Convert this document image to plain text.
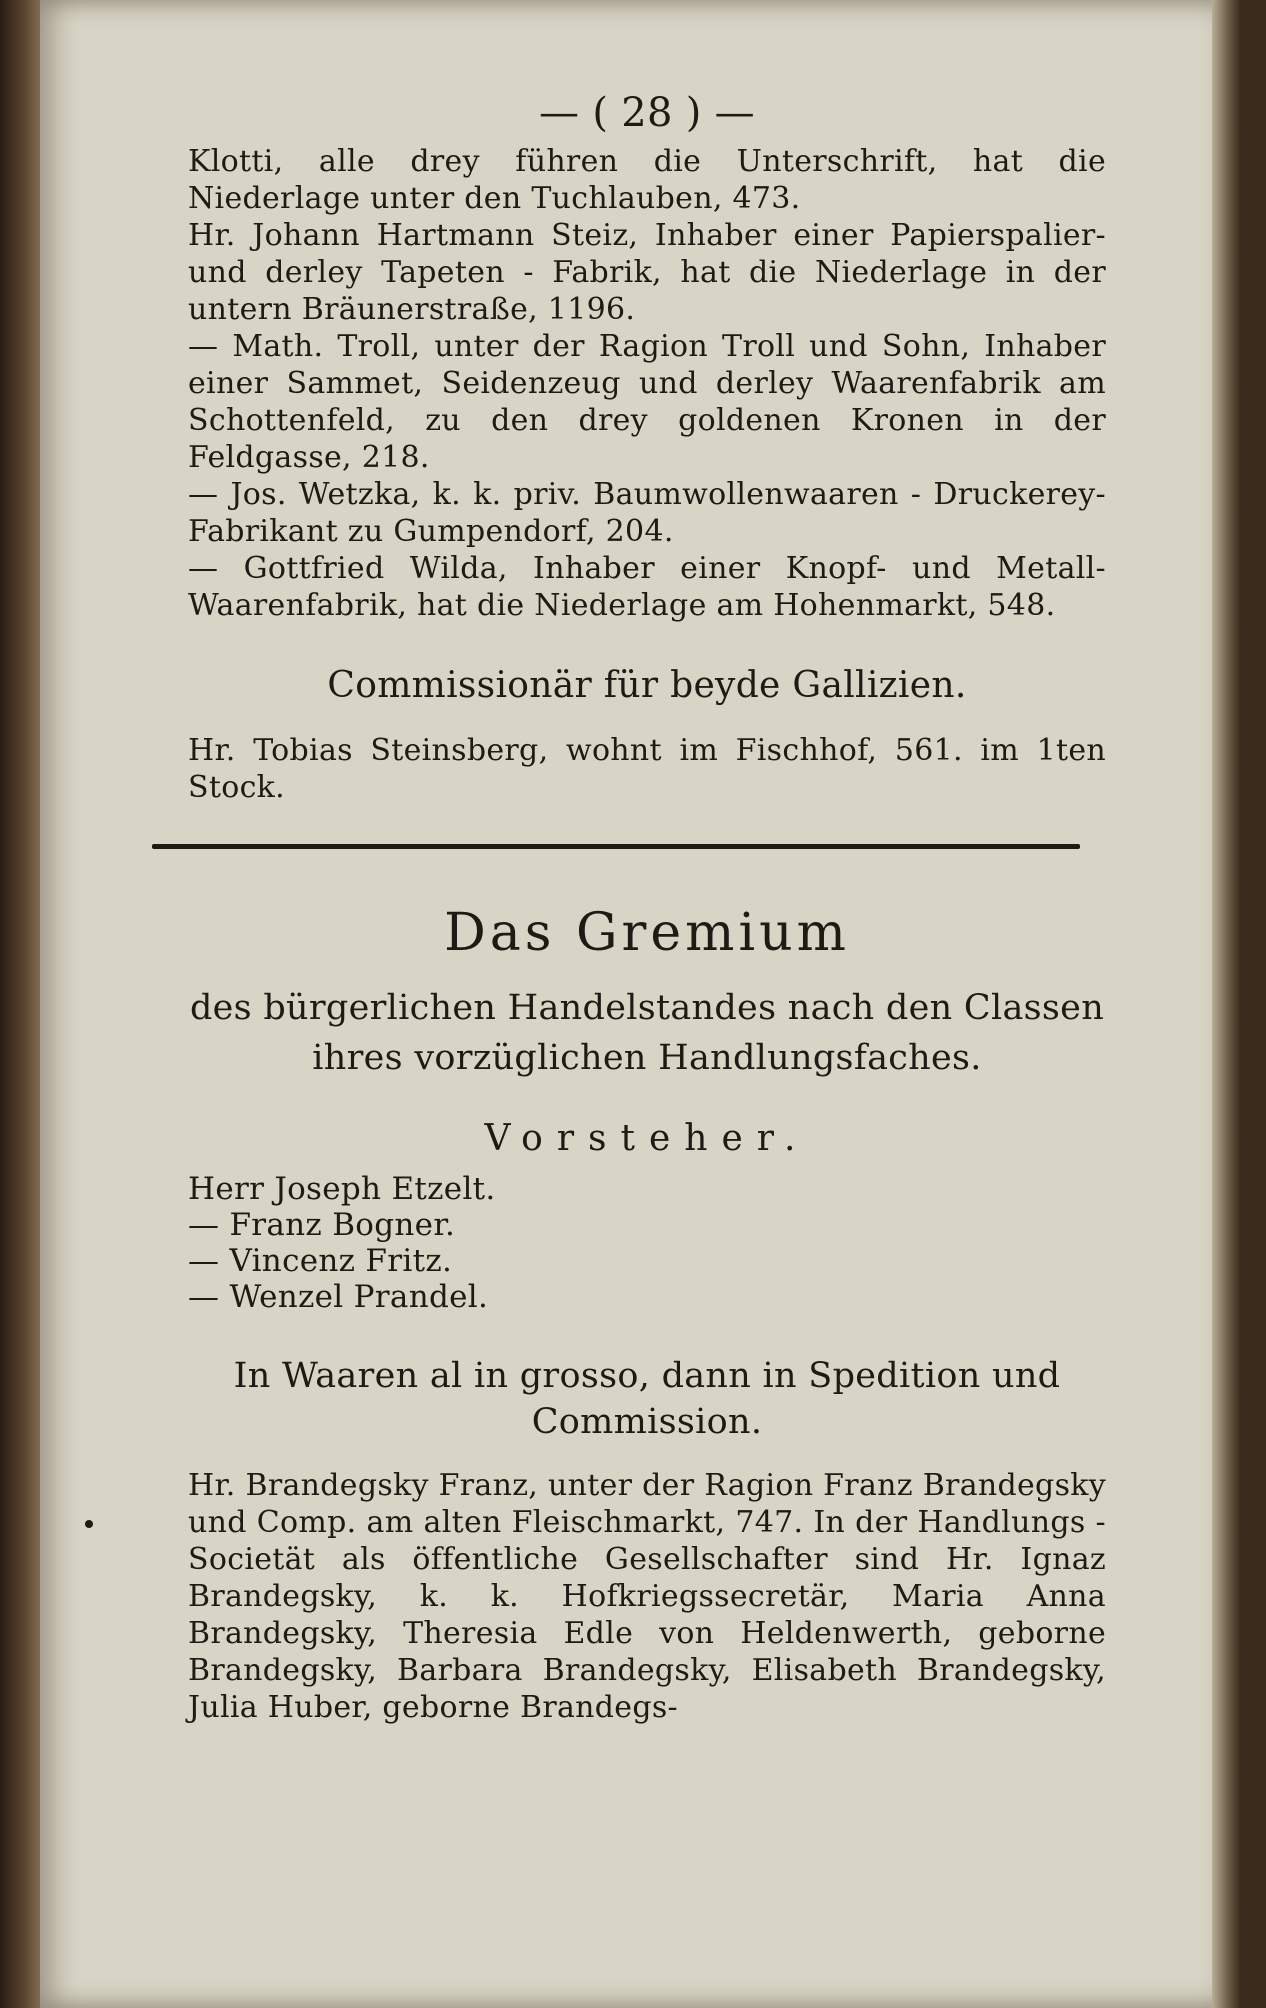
— ( 28 ) —

Klotti, alle drey führen die Unterschrift, hat die Niederlage unter den Tuchlauben, 473.

Hr. Johann Hartmann Steiz, Inhaber einer Papierspalier- und derley Tapeten - Fabrik, hat die Niederlage in der untern Bräunerstraße, 1196.

— Math. Troll, unter der Ragion Troll und Sohn, Inhaber einer Sammet, Seidenzeug und derley Waarenfabrik am Schottenfeld, zu den drey goldenen Kronen in der Feldgasse, 218.

— Jos. Wetzka, k. k. priv. Baumwollenwaaren - Druckerey-Fabrikant zu Gumpendorf, 204.

— Gottfried Wilda, Inhaber einer Knopf- und Metall-Waarenfabrik, hat die Niederlage am Hohenmarkt, 548.

Commissionär für beyde Gallizien.

Hr. Tobias Steinsberg, wohnt im Fischhof, 561. im 1ten Stock.

Das Gremium
des bürgerlichen Handelstandes nach den Classen
ihres vorzüglichen Handlungsfaches.
Vorsteher.
Herr Joseph Etzelt.
— Franz Bogner.
— Vincenz Fritz.
— Wenzel Prandel.
In Waaren al in grosso, dann in Spedition und
Commission.

Hr. Brandegsky Franz, unter der Ragion Franz Brandegsky und Comp. am alten Fleischmarkt, 747. In der Handlungs - Societät als öffentliche Gesellschafter sind Hr. Ignaz Brandegsky, k. k. Hofkriegssecretär, Maria Anna Brandegsky, Theresia Edle von Heldenwerth, geborne Brandegsky, Barbara Brandegsky, Elisabeth Brandegsky, Julia Huber, geborne Brandegs-
